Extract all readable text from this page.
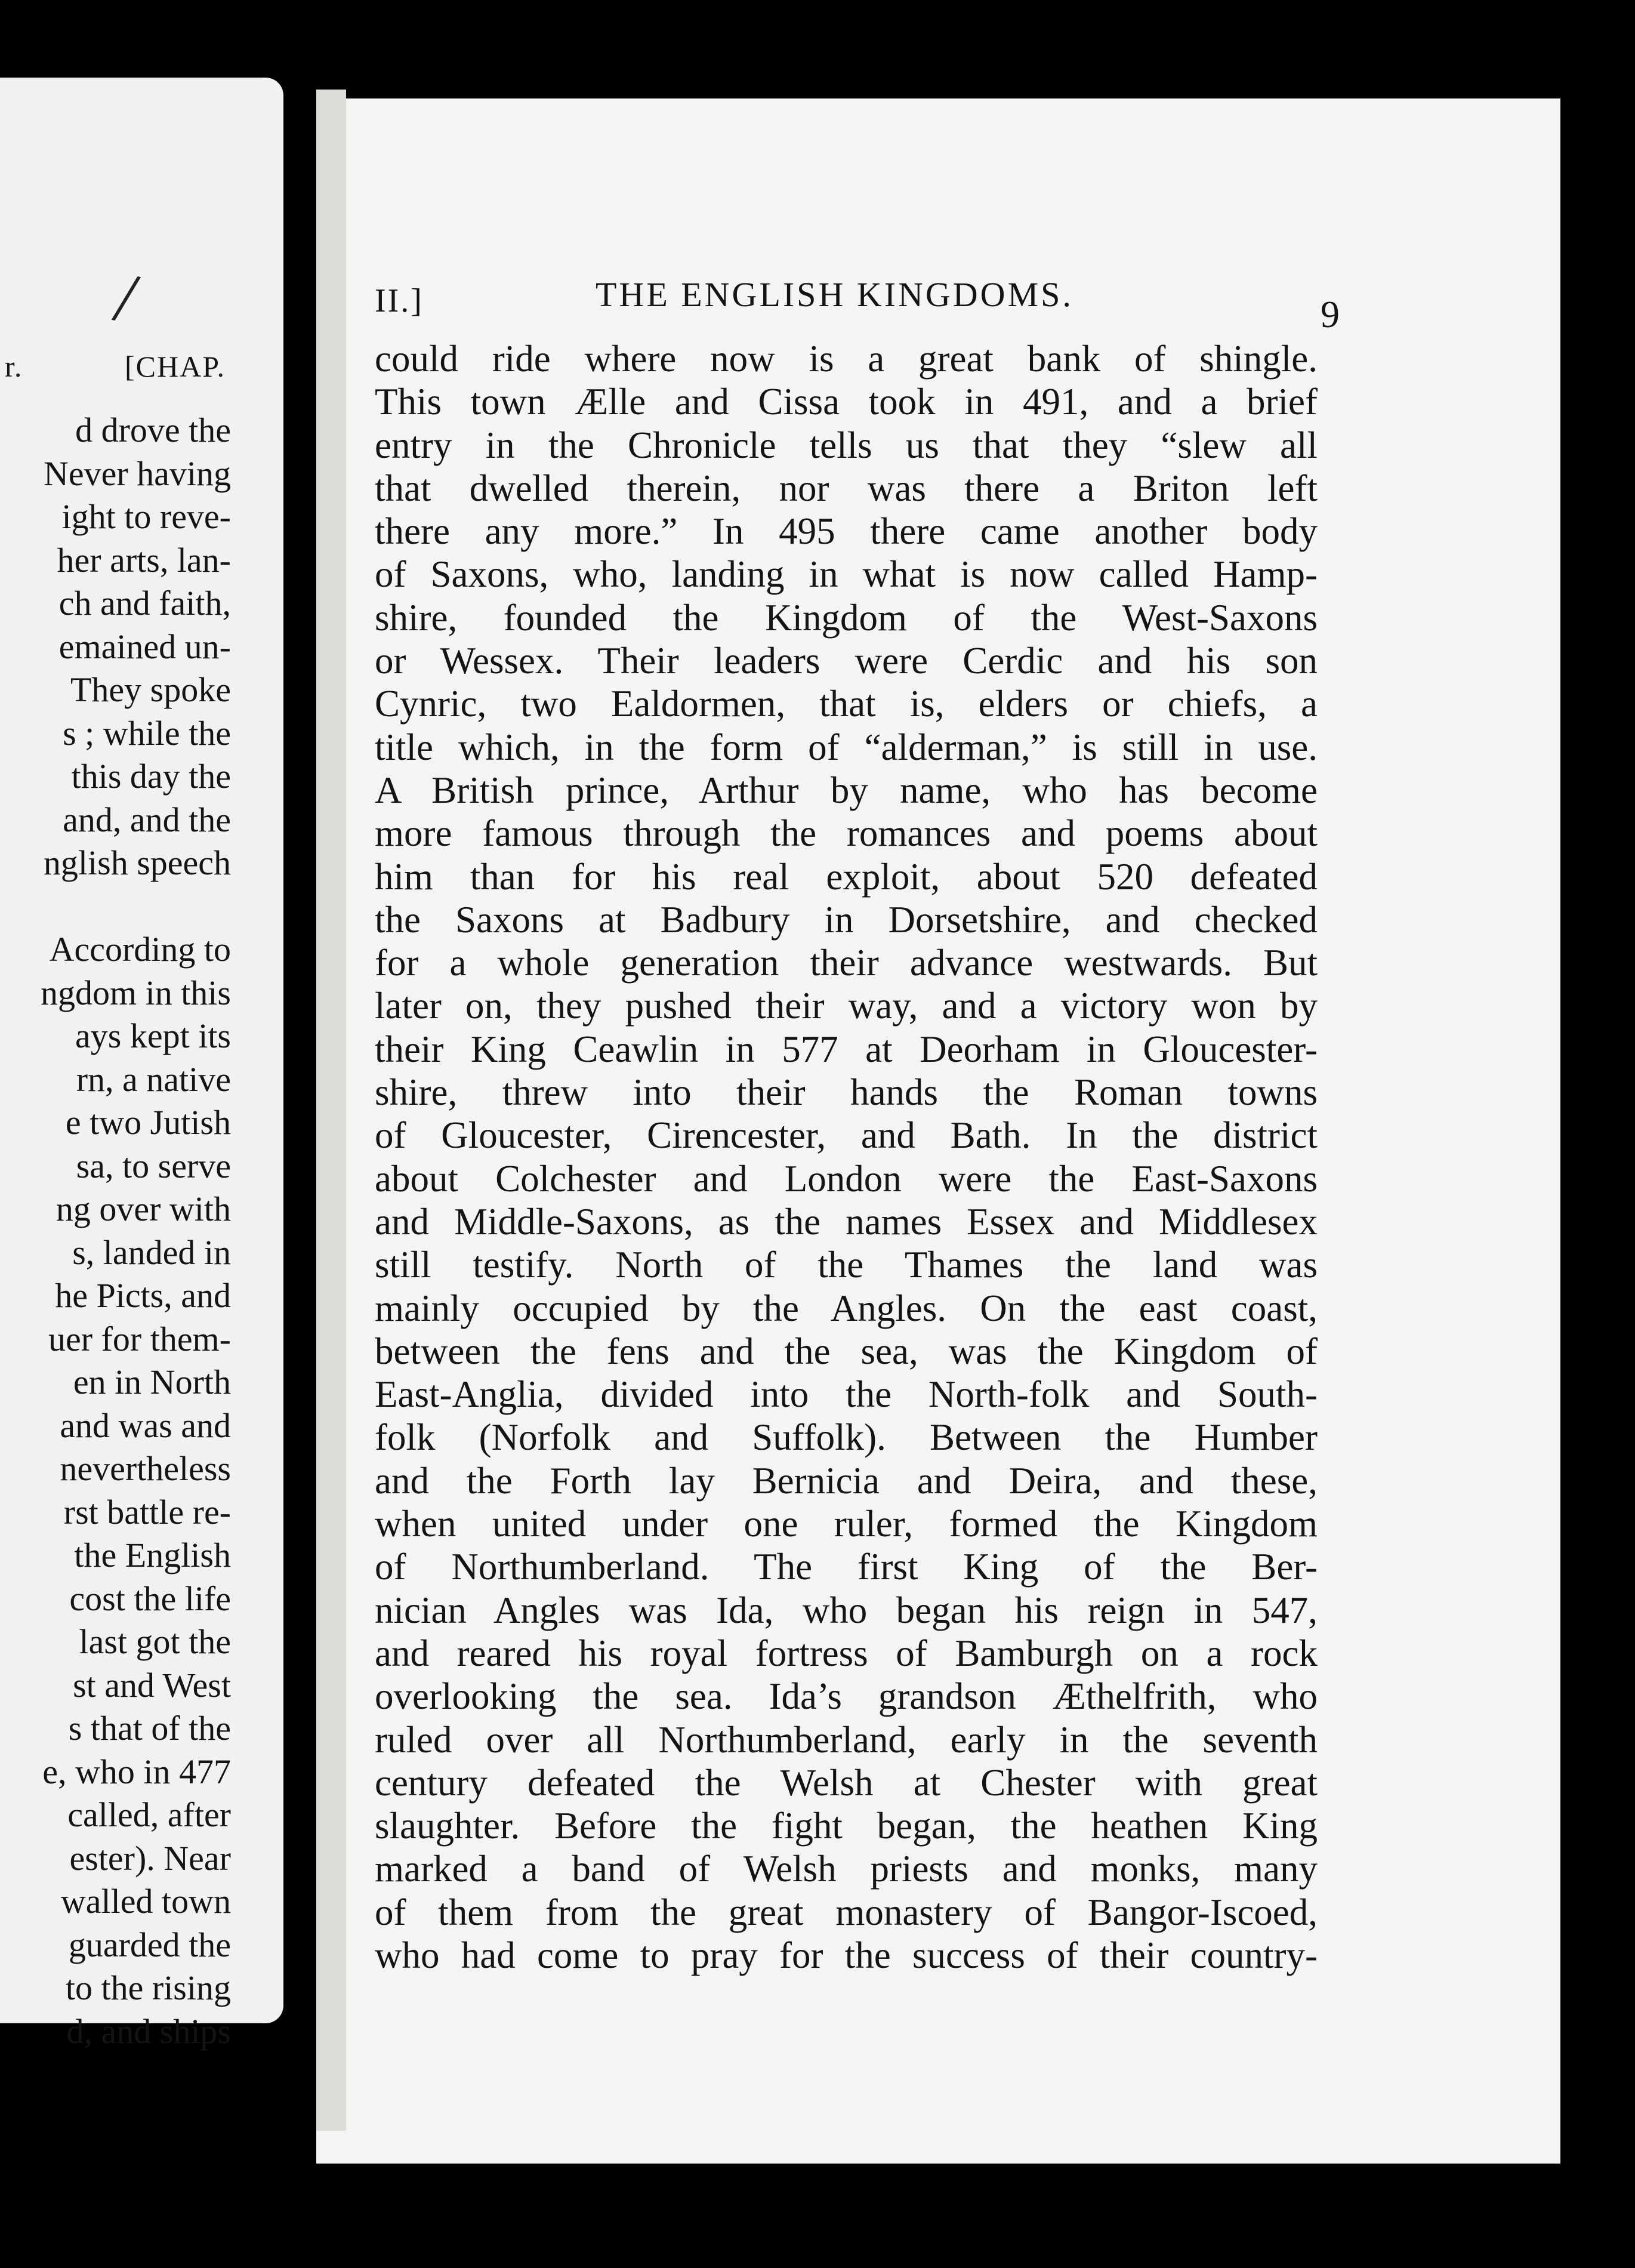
/
r.	[CHAP.
d drove the
Never having
ight to reve-
her arts, lan-
ch and faith,
emained un-
They spoke
s ; while the
this day the
and, and the
nglish speech
According to
ngdom in this
ays kept its
rn, a native
e two Jutish
sa, to serve
ng over with
s, landed in
he Picts, and
uer for them-
en in North
and was and
nevertheless
rst battle re-
the English
cost the life
last got the
st and West
s that of the
e, who in 477
called, after
ester). Near
walled town
guarded the
to the rising
d, and ships
II.]	THE ENGLISH KINGDOMS.	9
could ride where now is a great bank of shingle.
This town Ælle and Cissa took in 491, and a brief
entry in the Chronicle tells us that they “slew all
that dwelled therein, nor was there a Briton left
there any more.” In 495 there came another body
of Saxons, who, landing in what is now called Hamp-
shire, founded the Kingdom of the West-Saxons
or Wessex. Their leaders were Cerdic and his son
Cynric, two Ealdormen, that is, elders or chiefs, a
title which, in the form of “alderman,” is still in use.
A British prince, Arthur by name, who has become
more famous through the romances and poems about
him than for his real exploit, about 520 defeated
the Saxons at Badbury in Dorsetshire, and checked
for a whole generation their advance westwards. But
later on, they pushed their way, and a victory won by
their King Ceawlin in 577 at Deorham in Gloucester-
shire, threw into their hands the Roman towns
of Gloucester, Cirencester, and Bath. In the district
about Colchester and London were the East-Saxons
and Middle-Saxons, as the names Essex and Middlesex
still testify. North of the Thames the land was
mainly occupied by the Angles. On the east coast,
between the fens and the sea, was the Kingdom of
East-Anglia, divided into the North-folk and South-
folk (Norfolk and Suffolk). Between the Humber
and the Forth lay Bernicia and Deira, and these,
when united under one ruler, formed the Kingdom
of Northumberland. The first King of the Ber-
nician Angles was Ida, who began his reign in 547,
and reared his royal fortress of Bamburgh on a rock
overlooking the sea. Ida’s grandson Æthelfrith, who
ruled over all Northumberland, early in the seventh
century defeated the Welsh at Chester with great
slaughter. Before the fight began, the heathen King
marked a band of Welsh priests and monks, many
of them from the great monastery of Bangor-Iscoed,
who had come to pray for the success of their country-
